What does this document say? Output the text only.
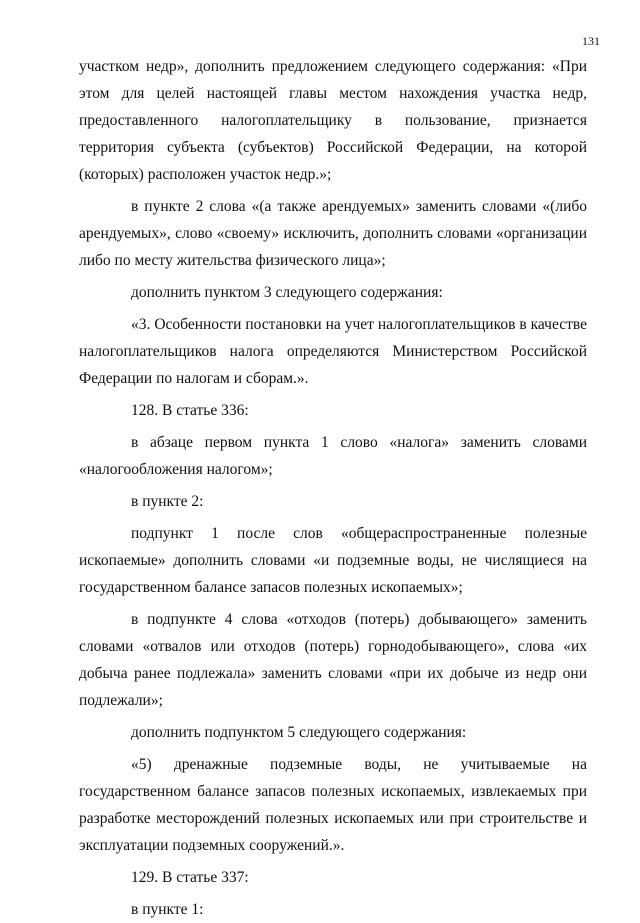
131

участком недр», дополнить предложением следующего содержания: «При этом для целей настоящей главы местом нахождения участка недр, предоставленного налогоплательщику в пользование, признается территория субъекта (субъектов) Российской Федерации, на которой (которых) расположен участок недр.»;

в пункте 2 слова «(а также арендуемых» заменить словами «(либо арендуемых», слово «своему» исключить, дополнить словами «организации либо по месту жительства физического лица»;

дополнить пунктом 3 следующего содержания:

«3. Особенности постановки на учет налогоплательщиков в качестве налогоплательщиков налога определяются Министерством Российской Федерации по налогам и сборам.».

128. В статье 336:

в абзаце первом пункта 1 слово «налога» заменить словами «налогообложения налогом»;

в пункте 2:

подпункт 1 после слов «общераспространенные полезные ископаемые» дополнить словами «и подземные воды, не числящиеся на государственном балансе запасов полезных ископаемых»;

в подпункте 4 слова «отходов (потерь) добывающего» заменить словами «отвалов или отходов (потерь) горнодобывающего», слова «их добыча ранее подлежала» заменить словами «при их добыче из недр они подлежали»;

дополнить подпунктом 5 следующего содержания:

«5) дренажные подземные воды, не учитываемые на государственном балансе запасов полезных ископаемых, извлекаемых при разработке месторождений полезных ископаемых или при строительстве и эксплуатации подземных сооружений.».

129. В статье 337:

в пункте 1:
